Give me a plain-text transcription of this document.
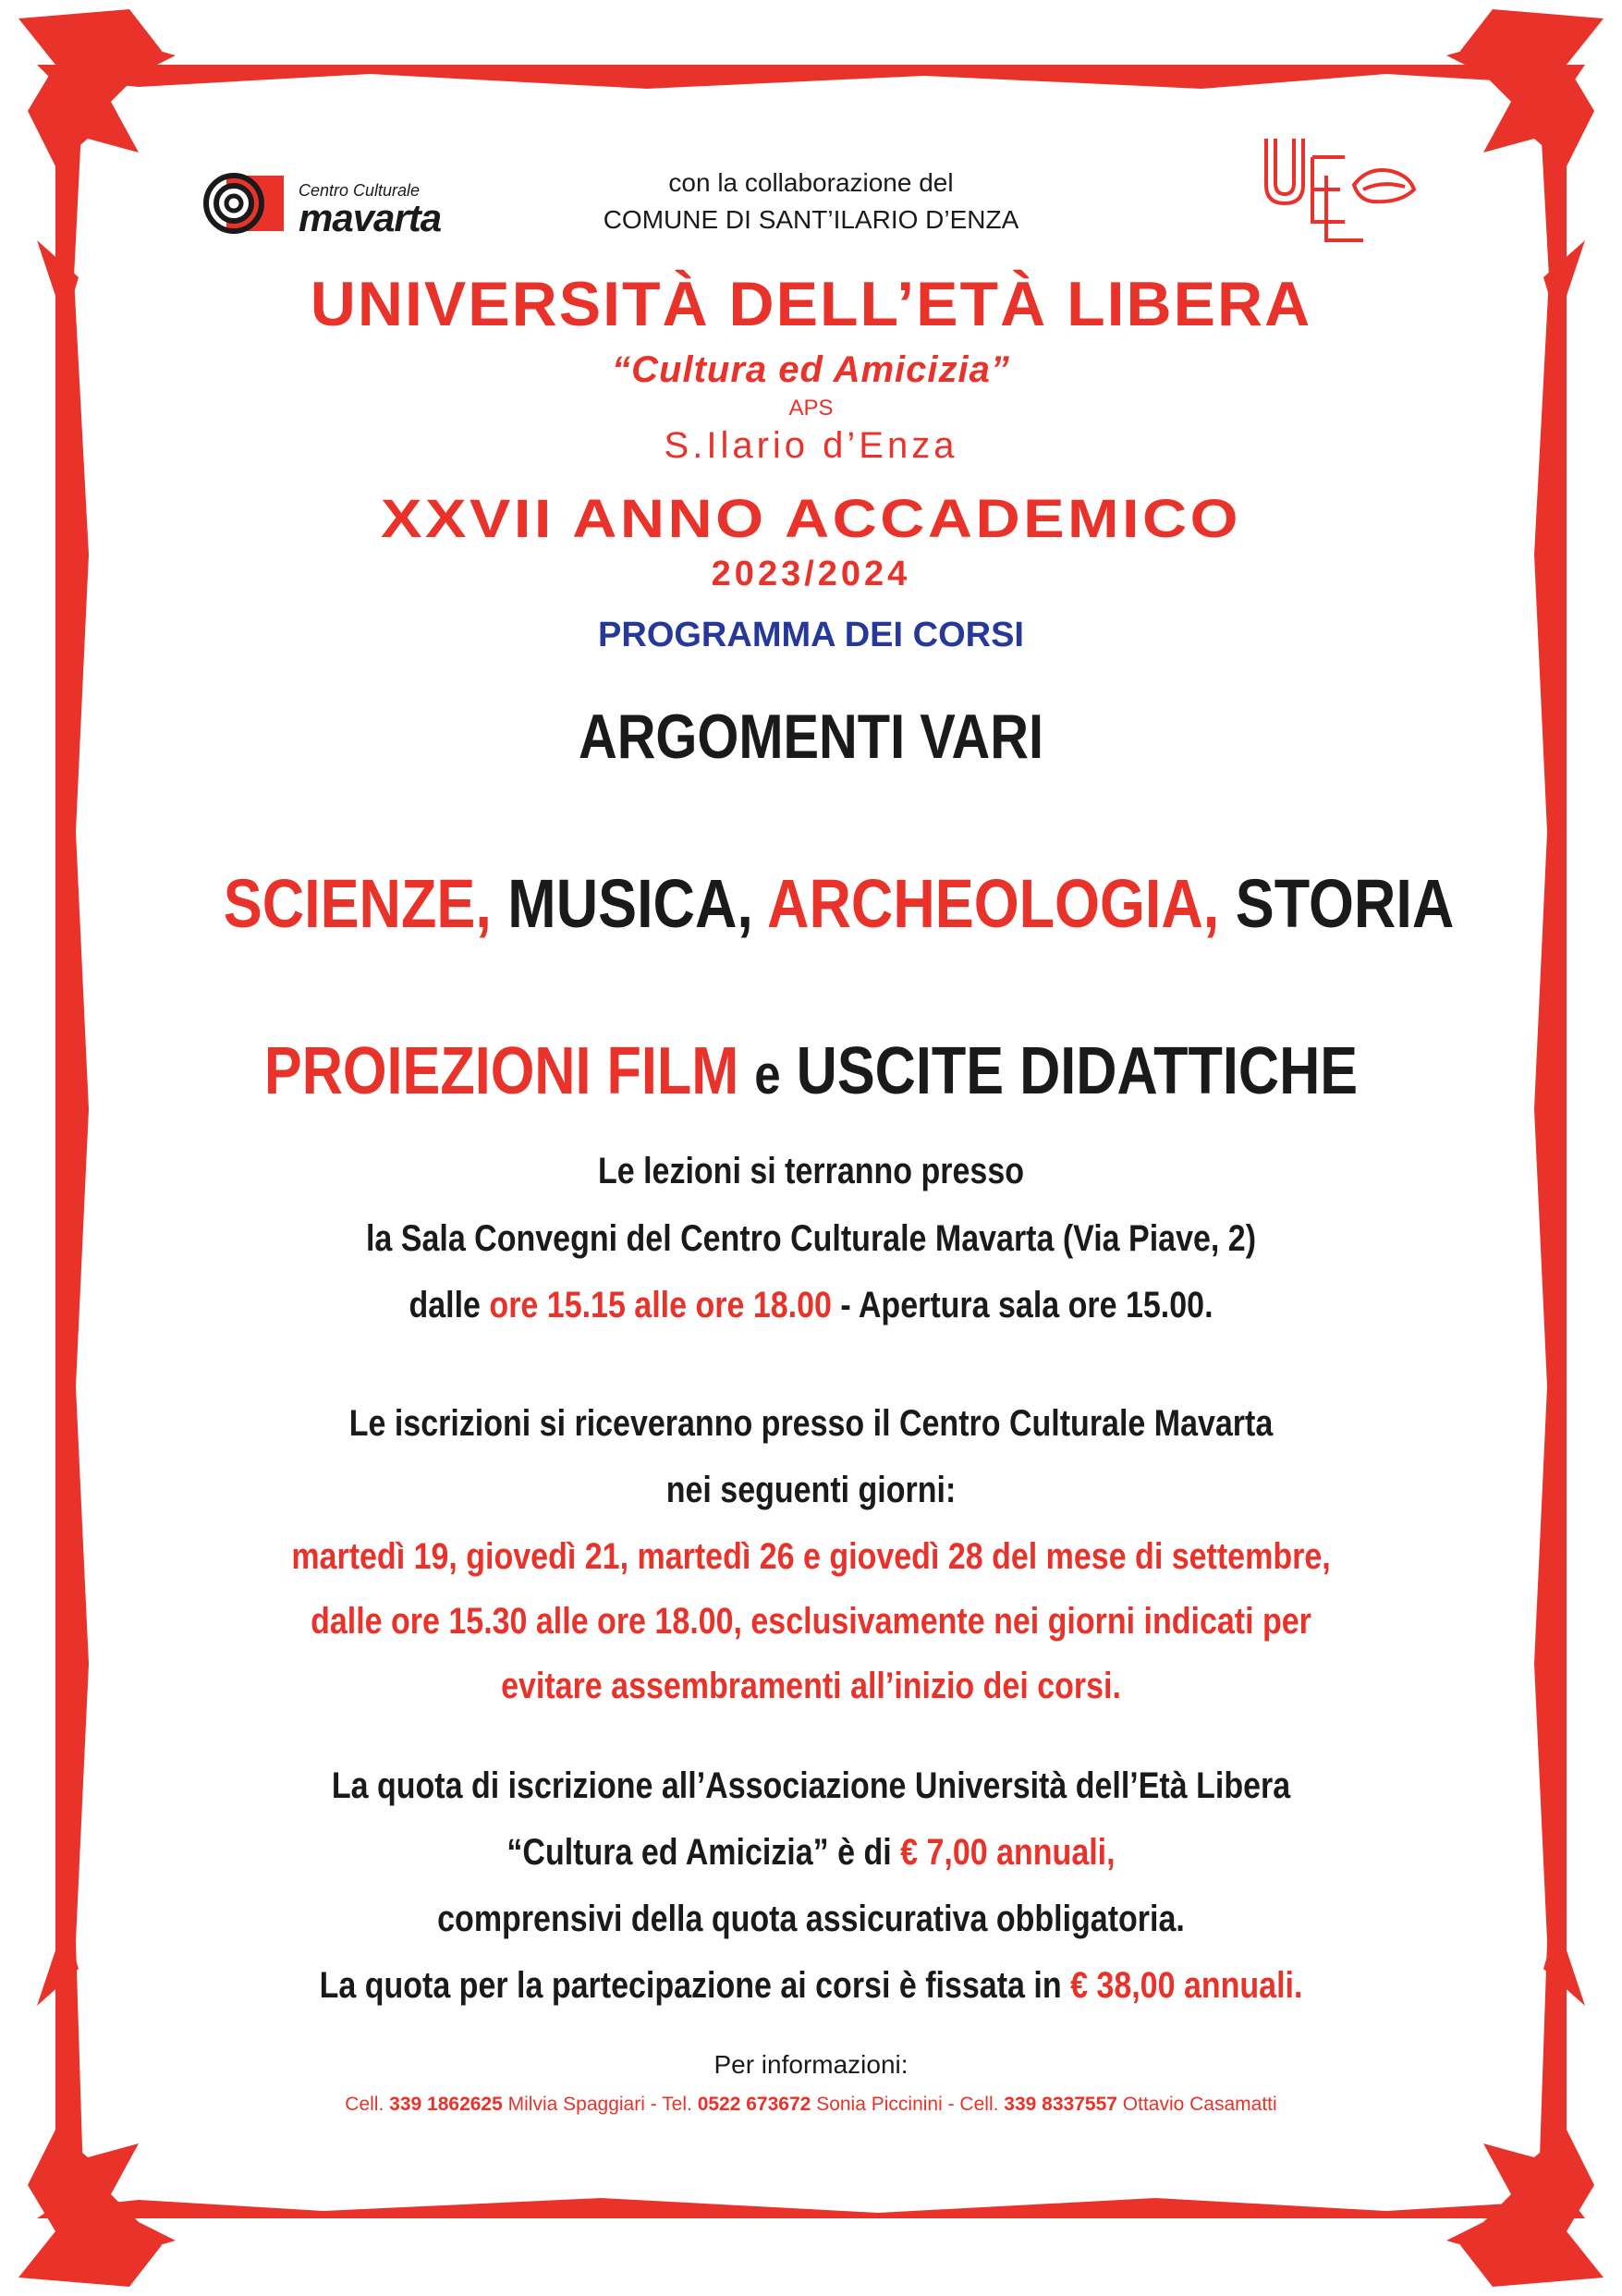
Centro Culturale
mavarta
con la collaborazione del
COMUNE DI SANT’ILARIO D’ENZA
UEL
UNIVERSITÀ DELL’ETÀ LIBERA
“Cultura ed Amicizia”
APS
S.Ilario d’Enza
XXVII ANNO ACCADEMICO
2023/2024
PROGRAMMA DEI CORSI
ARGOMENTI VARI
SCIENZE, MUSICA, ARCHEOLOGIA, STORIA
PROIEZIONI FILM e USCITE DIDATTICHE
Le lezioni si terranno presso
la Sala Convegni del Centro Culturale Mavarta (Via Piave, 2)
dalle ore 15.15 alle ore 18.00 - Apertura sala ore 15.00.
Le iscrizioni si riceveranno presso il Centro Culturale Mavarta
nei seguenti giorni:
martedì 19, giovedì 21, martedì 26 e giovedì 28 del mese di settembre,
dalle ore 15.30 alle ore 18.00, esclusivamente nei giorni indicati per
evitare assembramenti all’inizio dei corsi.
La quota di iscrizione all’Associazione Università dell’Età Libera
“Cultura ed Amicizia” è di € 7,00 annuali,
comprensivi della quota assicurativa obbligatoria.
La quota per la partecipazione ai corsi è fissata in € 38,00 annuali.
Per informazioni:
Cell. 339 1862625 Milvia Spaggiari - Tel. 0522 673672 Sonia Piccinini - Cell. 339 8337557 Ottavio Casamatti
